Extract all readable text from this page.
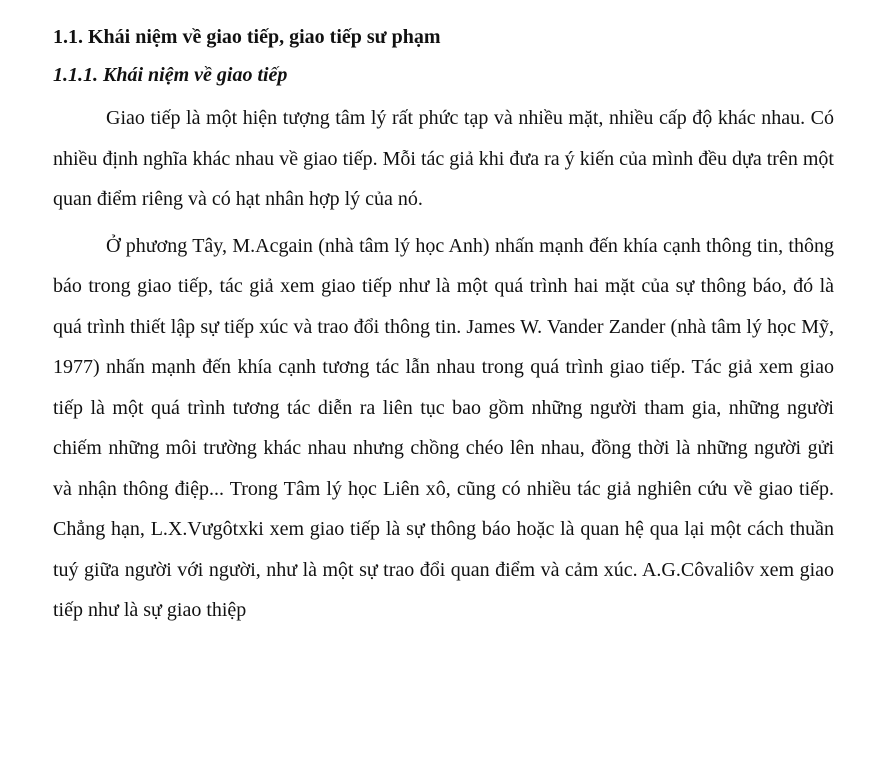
1.1. Khái niệm về giao tiếp, giao tiếp sư phạm
1.1.1. Khái niệm về giao tiếp

Giao tiếp là một hiện tượng tâm lý rất phức tạp và nhiều mặt, nhiều cấp độ khác nhau. Có nhiều định nghĩa khác nhau về giao tiếp. Mỗi tác giả khi đưa ra ý kiến của mình đều dựa trên một quan điểm riêng và có hạt nhân hợp lý của nó.

Ở phương Tây, M.Acgain (nhà tâm lý học Anh) nhấn mạnh đến khía cạnh thông tin, thông báo trong giao tiếp, tác giả xem giao tiếp như là một quá trình hai mặt của sự thông báo, đó là quá trình thiết lập sự tiếp xúc và trao đổi thông tin. James W. Vander Zander (nhà tâm lý học Mỹ, 1977) nhấn mạnh đến khía cạnh tương tác lẫn nhau trong quá trình giao tiếp. Tác giả xem giao tiếp là một quá trình tương tác diễn ra liên tục bao gồm những người tham gia, những người chiếm những môi trường khác nhau nhưng chồng chéo lên nhau, đồng thời là những người gửi và nhận thông điệp... Trong Tâm lý học Liên xô, cũng có nhiều tác giả nghiên cứu về giao tiếp. Chẳng hạn, L.X.Vưgôtxki xem giao tiếp là sự thông báo hoặc là quan hệ qua lại một cách thuần tuý giữa người với người, như là một sự trao đổi quan điểm và cảm xúc. A.G.Côvaliôv xem giao tiếp như là sự giao thiệp
